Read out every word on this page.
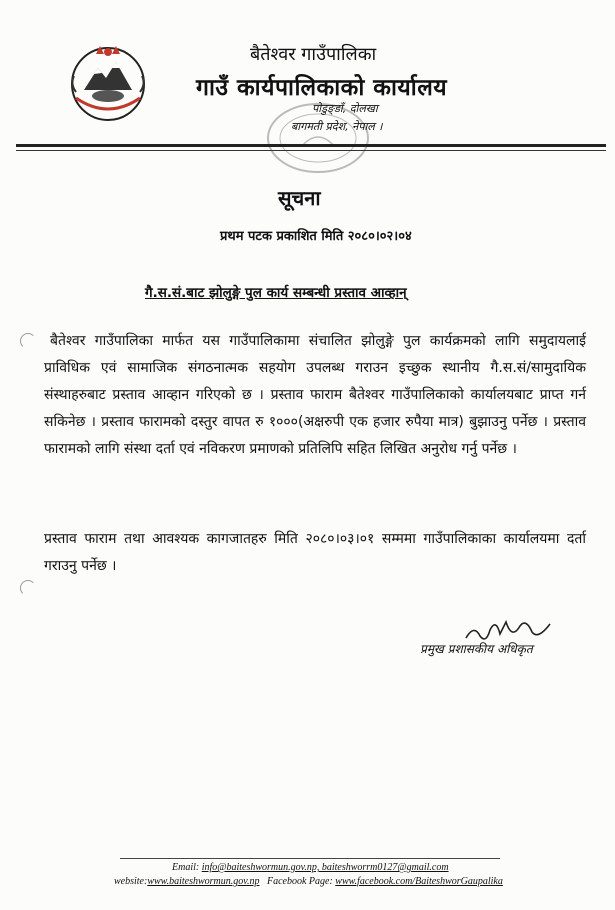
बैतेश्वर गाउँपालिका
गाउँ कार्यपालिकाको कार्यालय
पोडुङ्डाँ, दोलखा
बागमती प्रदेश, नेपाल ।
सूचना
प्रथम पटक प्रकाशित मिति २०८०।०२।०४
गै.स.सं.बाट झोलुङ्गे पुल कार्य सम्बन्धी प्रस्ताव आव्हान्
बैतेश्वर गाउँपालिका मार्फत यस गाउँपालिकामा संचालित झोलुङ्गे पुल कार्यक्रमको लागि समुदायलाई प्राविधिक एवं सामाजिक संगठनात्मक सहयोग उपलब्ध गराउन इच्छुक स्थानीय गै.स.सं/सामुदायिक संस्थाहरुबाट प्रस्ताव आव्हान गरिएको छ । प्रस्ताव फाराम बैतेश्वर गाउँपालिकाको कार्यालयबाट प्राप्त गर्न सकिनेछ । प्रस्ताव फारामको दस्तुर वापत रु १०००(अक्षरुपी एक हजार रुपैया मात्र) बुझाउनु पर्नेछ । प्रस्ताव फारामको लागि संस्था दर्ता एवं नविकरण प्रमाणको प्रतिलिपि सहित लिखित अनुरोध गर्नु पर्नेछ ।
प्रस्ताव फाराम तथा आवश्यक कागजातहरु मिति २०८०।०३।०१ सम्ममा गाउँपालिकाका कार्यालयमा दर्ता गराउनु पर्नेछ ।
प्रमुख प्रशासकीय अधिकृत
Email: info@baiteshwormun.gov.np, baiteshworrm0127@gmail.com
website:www.baiteshwormun.gov.np Facebook Page: www.facebook.com/BaiteshworGaupalika
